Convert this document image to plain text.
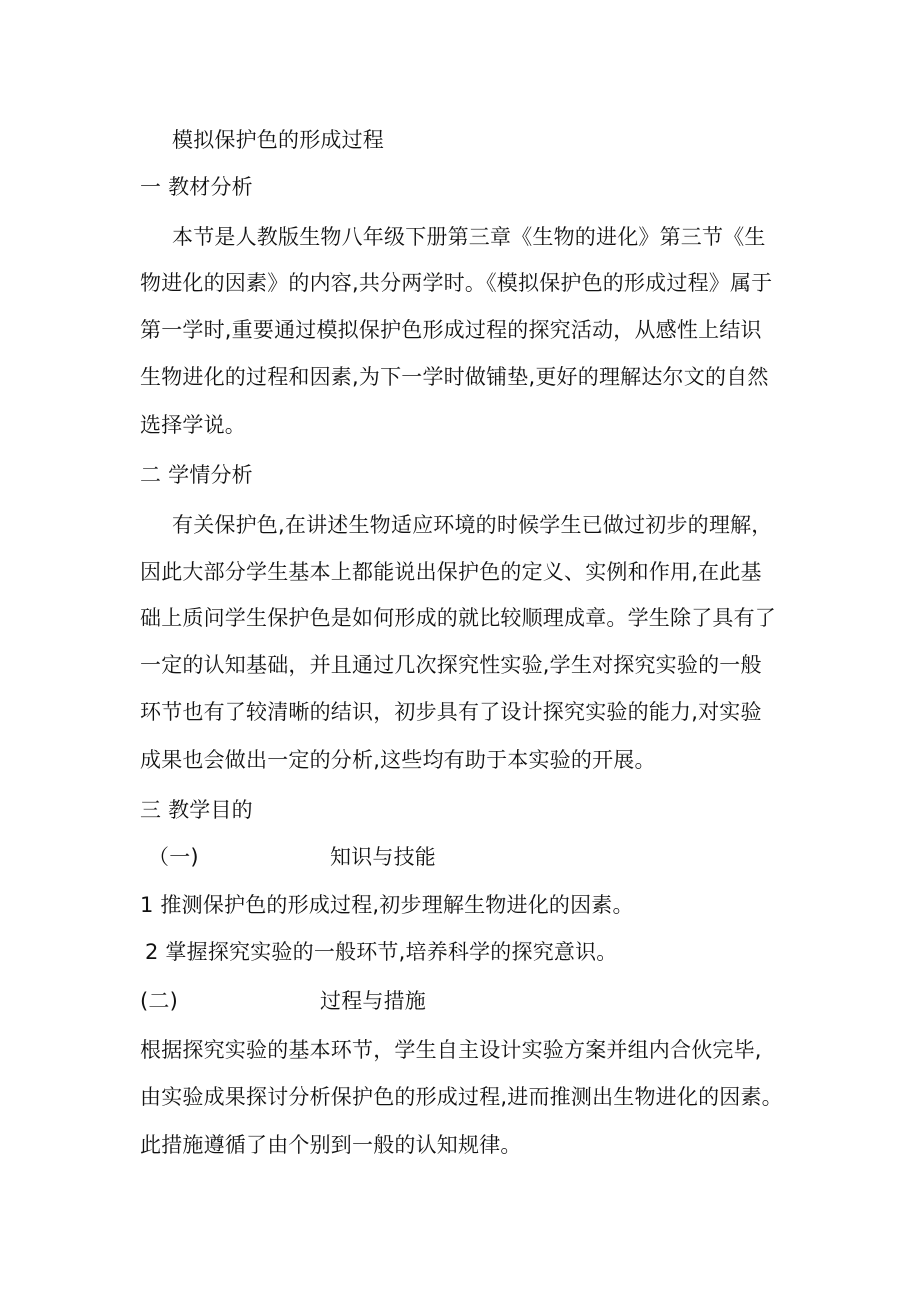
模拟保护色的形成过程
一 教材分析
本节是人教版生物八年级下册第三章《生物的进化》第三节《生
物进化的因素》的内容,共分两学时。《模拟保护色的形成过程》属于
第一学时,重要通过模拟保护色形成过程的探究活动，从感性上结识
生物进化的过程和因素,为下一学时做铺垫,更好的理解达尔文的自然
选择学说。
二 学情分析
有关保护色,在讲述生物适应环境的时候学生已做过初步的理解，
因此大部分学生基本上都能说出保护色的定义、实例和作用,在此基
础上质问学生保护色是如何形成的就比较顺理成章。学生除了具有了
一定的认知基础，并且通过几次探究性实验,学生对探究实验的一般
环节也有了较清晰的结识，初步具有了设计探究实验的能力,对实验
成果也会做出一定的分析,这些均有助于本实验的开展。
三 教学目的
（一)	知识与技能
1 推测保护色的形成过程,初步理解生物进化的因素。
2 掌握探究实验的一般环节,培养科学的探究意识。
(二)	过程与措施
根据探究实验的基本环节，学生自主设计实验方案并组内合伙完毕,
由实验成果探讨分析保护色的形成过程,进而推测出生物进化的因素。
此措施遵循了由个别到一般的认知规律。
